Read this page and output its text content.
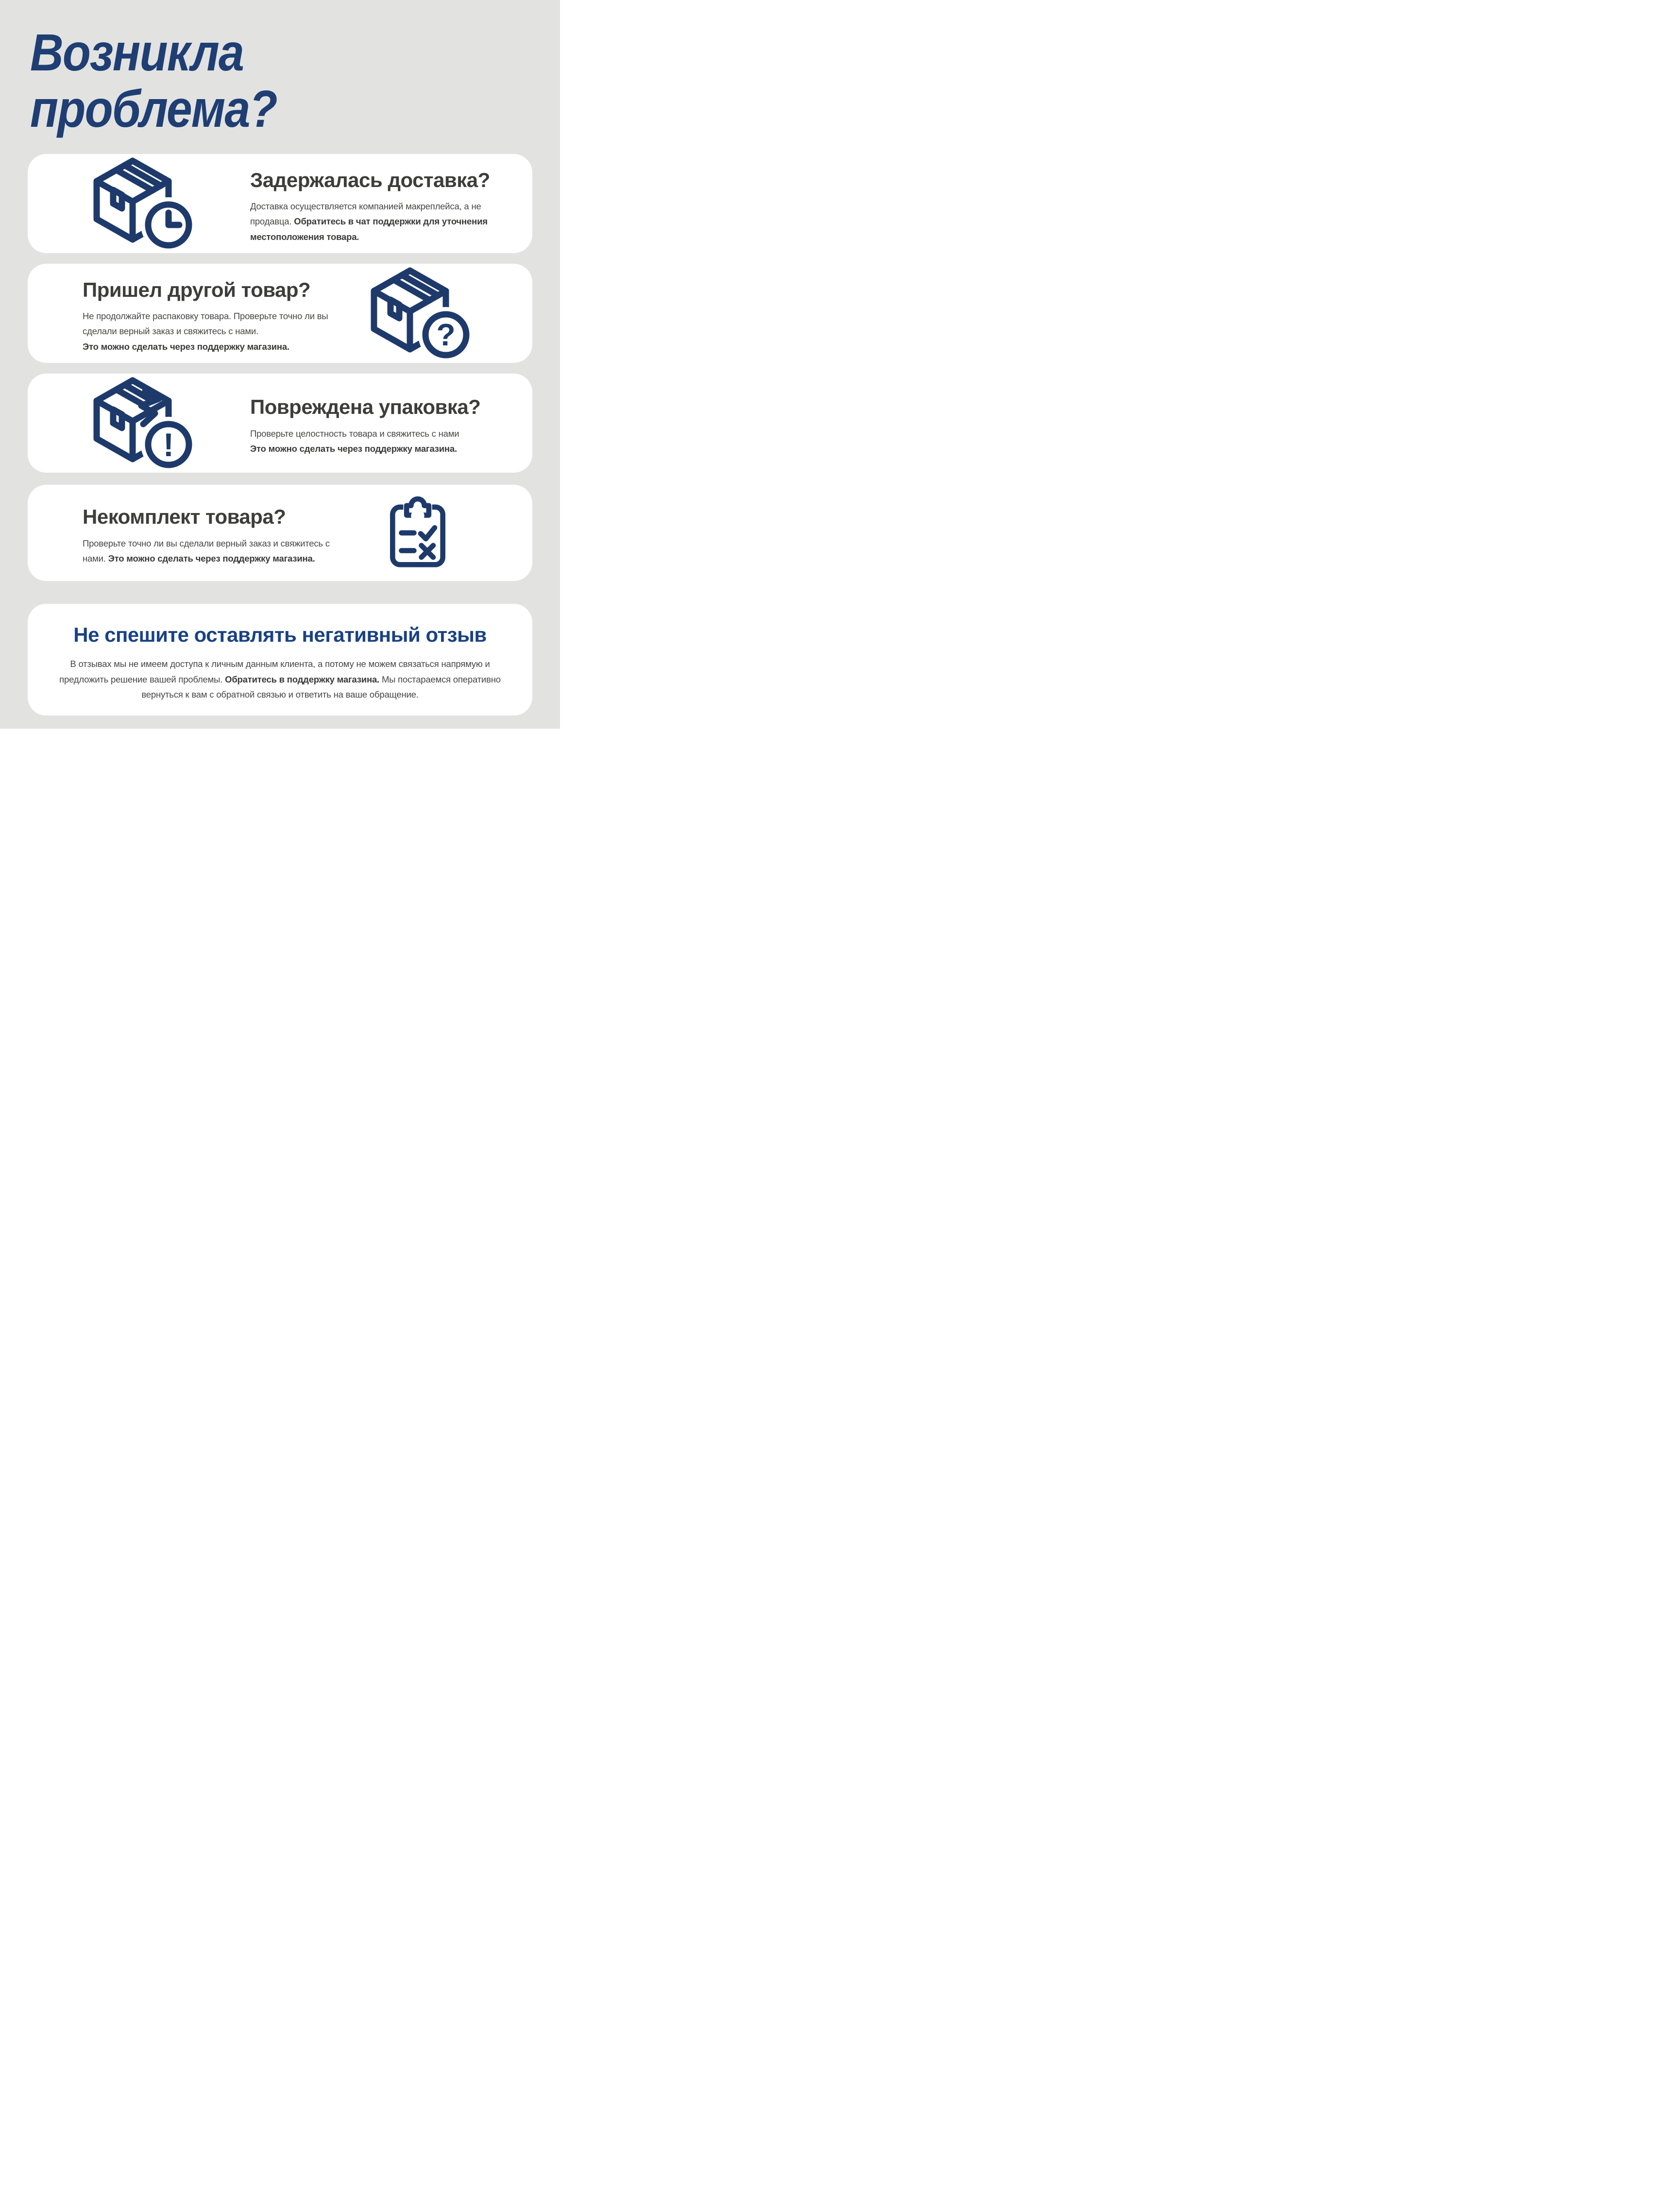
Возникла
проблема?
Задержалась доставка?
Доставка осуществляется компанией макреплейса, а не продавца. Обратитесь в чат поддержки для уточнения местоположения товара.
Пришел другой товар?
Не продолжайте распаковку товара. Проверьте точно ли вы сделали верный заказ и свяжитесь с нами.
Это можно сделать через поддержку магазина.	?
!
Повреждена упаковка?
Проверьте целостность товара и свяжитесь с нами
Это можно сделать через поддержку магазина.
Некомплект товара?
Проверьте точно ли вы сделали верный заказ и свяжитесь с нами. Это можно сделать через поддержку магазина.
Не спешите оставлять негативный отзыв
В отзывах мы не имеем доступа к личным данным клиента, а потому не можем связаться напрямую и предложить решение вашей проблемы. Обратитесь в поддержку магазина. Мы постараемся оперативно вернуться к вам с обратной связью и ответить на ваше обращение.
